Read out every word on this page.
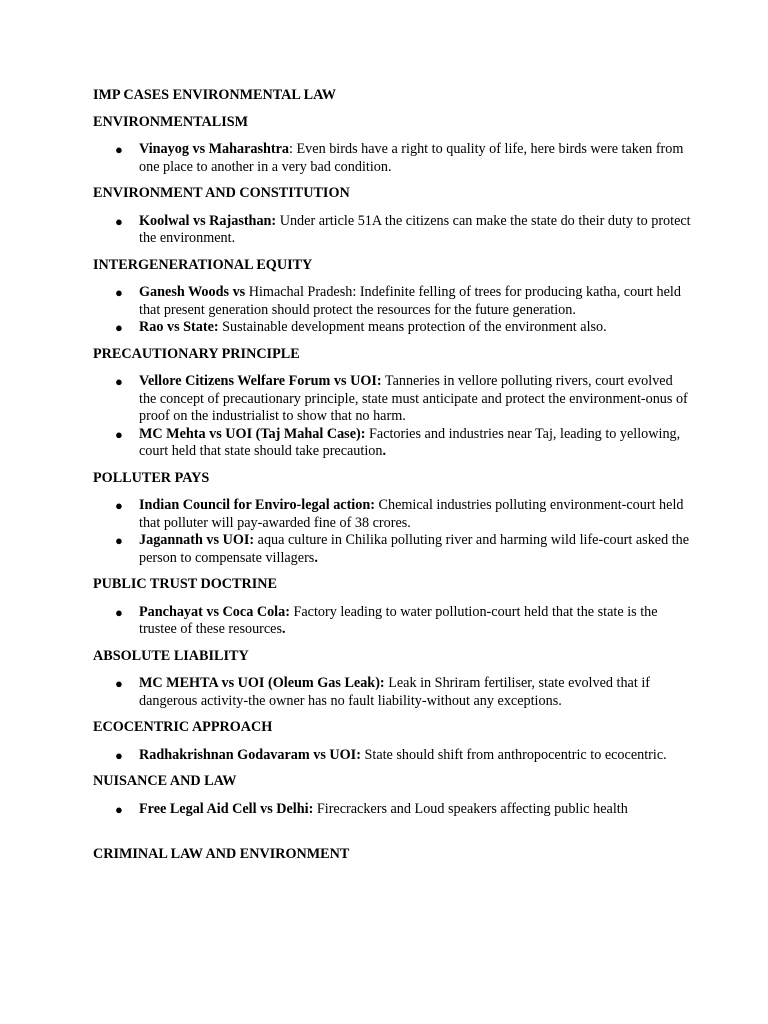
IMP CASES ENVIRONMENTAL LAW

ENVIRONMENTALISM

● Vinayog vs Maharashtra: Even birds have a right to quality of life, here birds were taken from one place to another in a very bad condition.

ENVIRONMENT AND CONSTITUTION

● Koolwal vs Rajasthan: Under article 51A the citizens can make the state do their duty to protect the environment.

INTERGENERATIONAL EQUITY

● Ganesh Woods vs Himachal Pradesh: Indefinite felling of trees for producing katha, court held that present generation should protect the resources for the future generation.
● Rao vs State: Sustainable development means protection of the environment also.

PRECAUTIONARY PRINCIPLE

● Vellore Citizens Welfare Forum vs UOI: Tanneries in vellore polluting rivers, court evolved the concept of precautionary principle, state must anticipate and protect the environment-onus of proof on the industrialist to show that no harm.
● MC Mehta vs UOI (Taj Mahal Case): Factories and industries near Taj, leading to yellowing, court held that state should take precaution.

POLLUTER PAYS

● Indian Council for Enviro-legal action: Chemical industries polluting environment-court held that polluter will pay-awarded fine of 38 crores.
● Jagannath vs UOI: aqua culture in Chilika polluting river and harming wild life-court asked the person to compensate villagers.

PUBLIC TRUST DOCTRINE

● Panchayat vs Coca Cola: Factory leading to water pollution-court held that the state is the trustee of these resources.

ABSOLUTE LIABILITY

● MC MEHTA vs UOI (Oleum Gas Leak): Leak in Shriram fertiliser, state evolved that if dangerous activity-the owner has no fault liability-without any exceptions.

ECOCENTRIC APPROACH

● Radhakrishnan Godavaram vs UOI: State should shift from anthropocentric to ecocentric.

NUISANCE AND LAW

● Free Legal Aid Cell vs Delhi: Firecrackers and Loud speakers affecting public health

CRIMINAL LAW AND ENVIRONMENT
